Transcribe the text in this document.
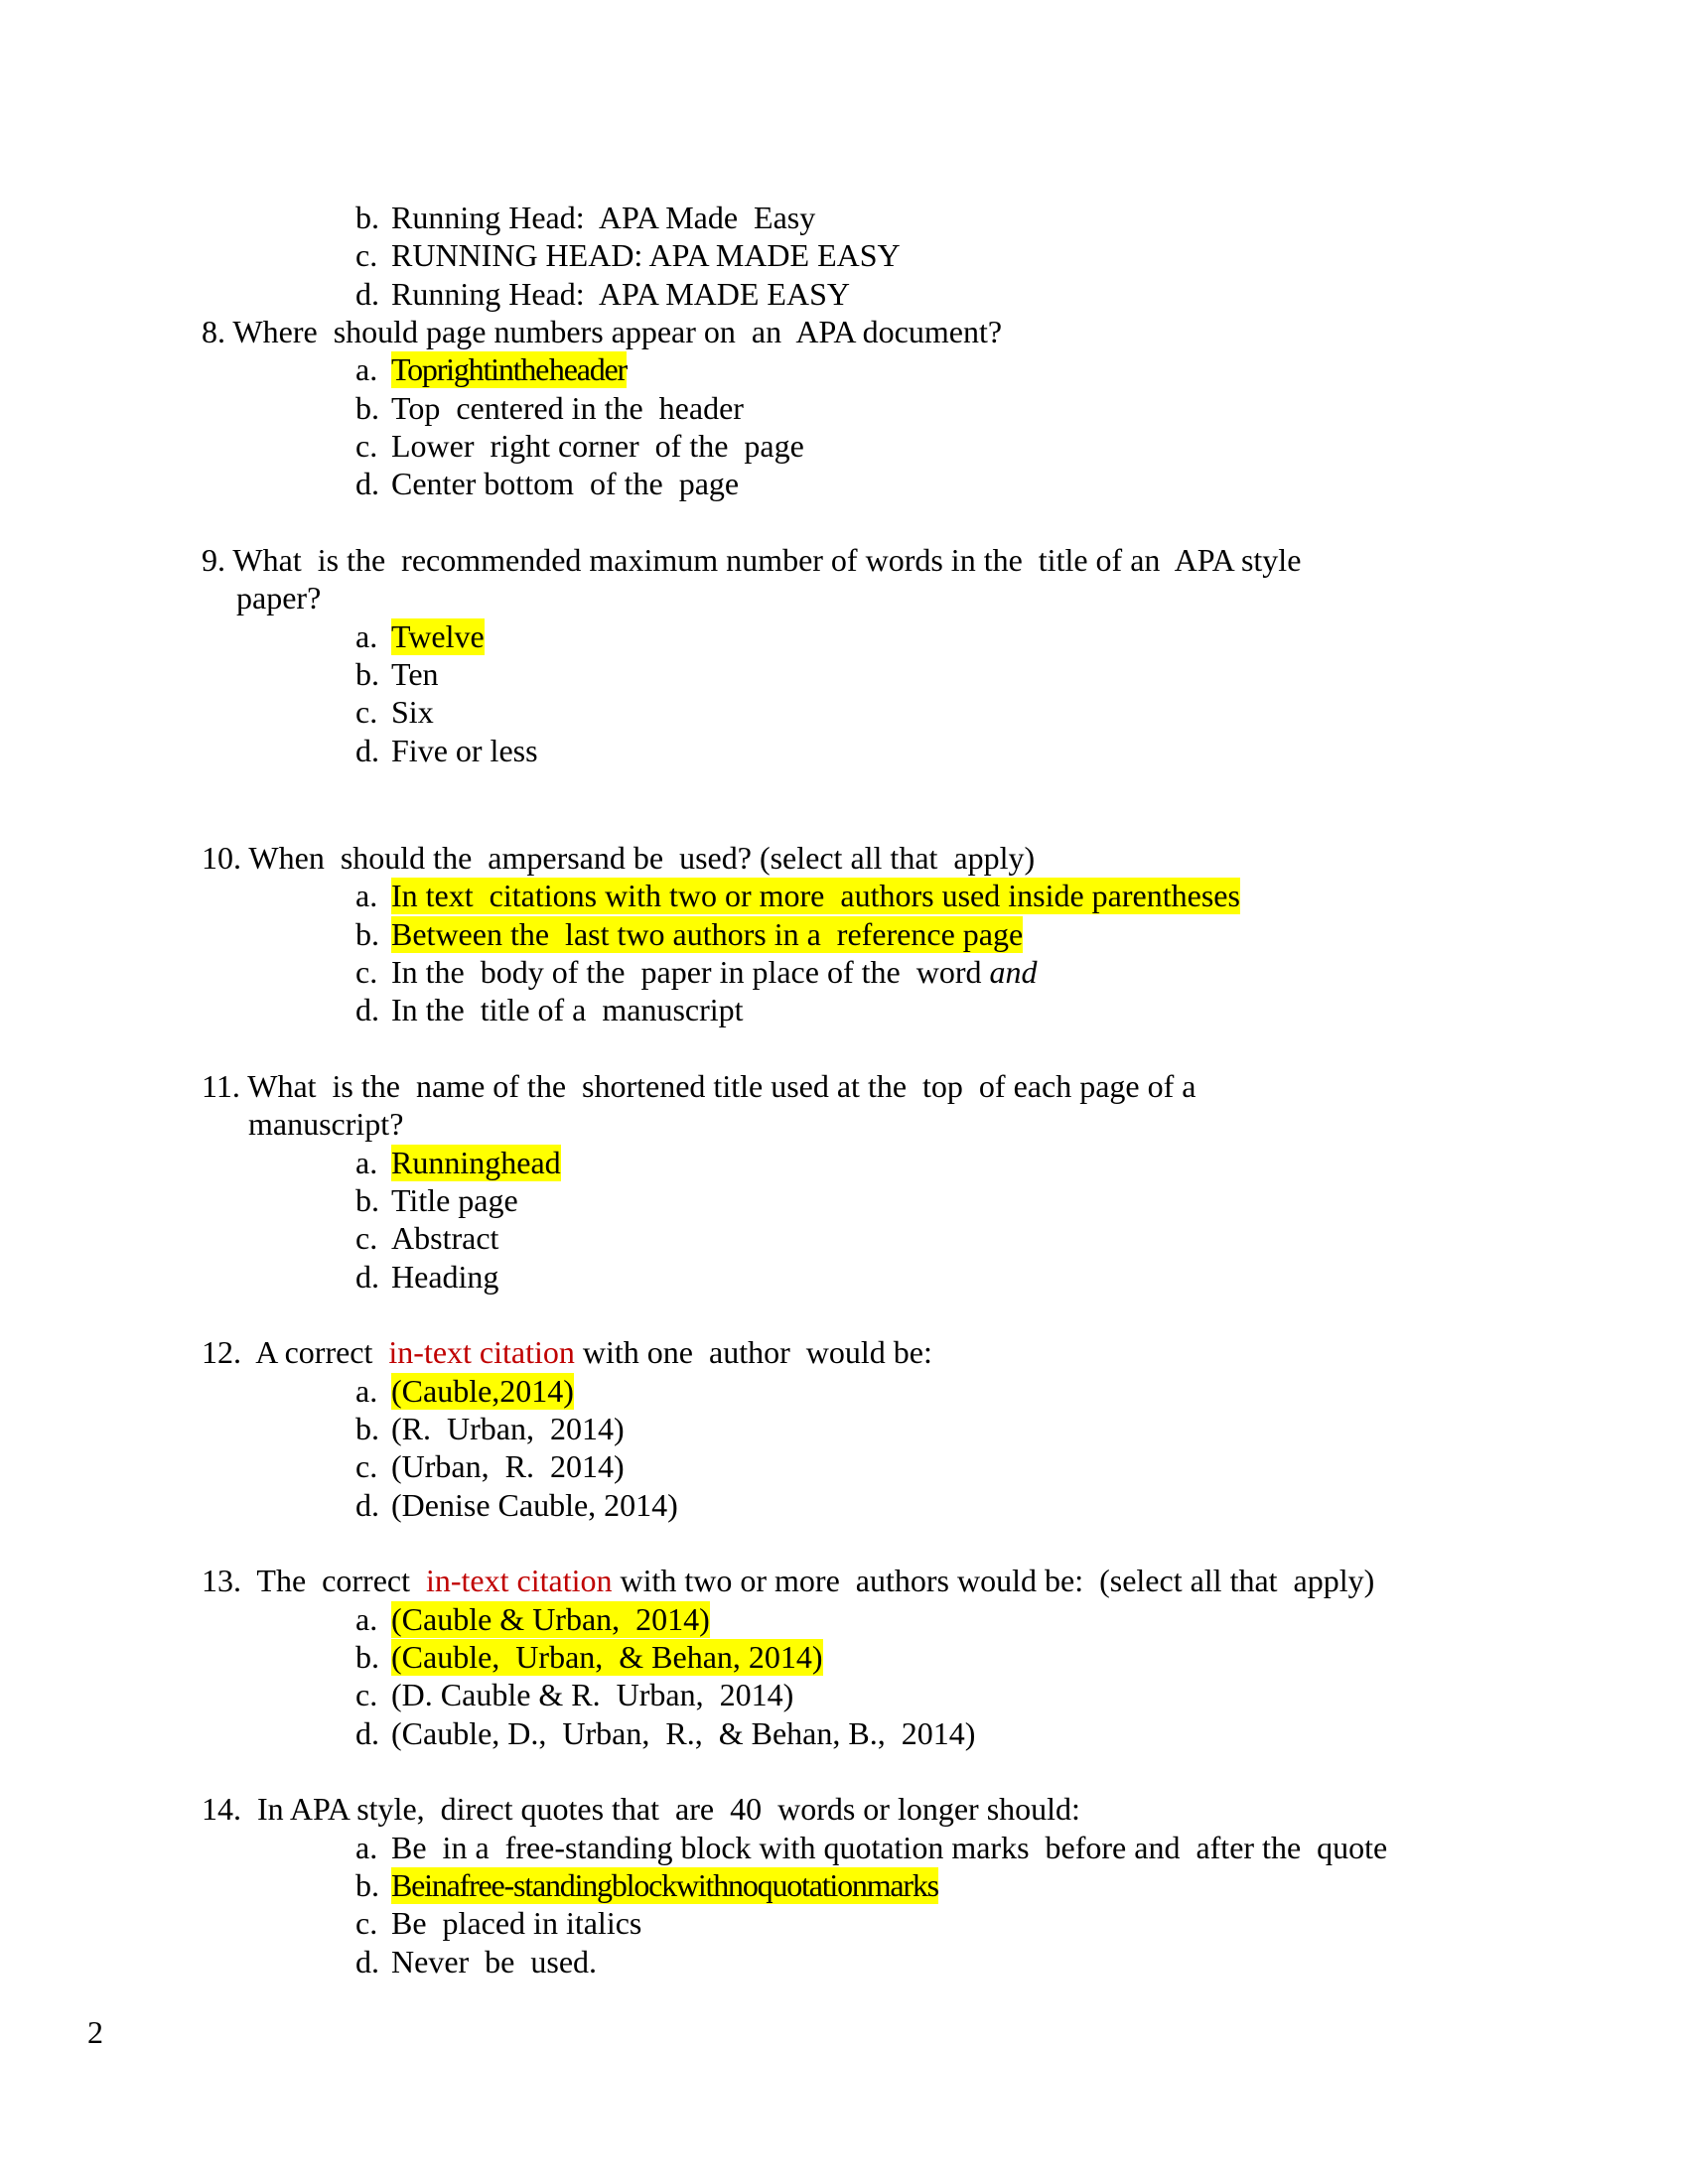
b. Running Head:  APA Made  Easy
c. RUNNING HEAD: APA MADE EASY
d. Running Head:  APA MADE EASY
8. Where  should page numbers appear on  an  APA document?
a. Toprightinthe header
b. Top  centered in the  header
c. Lower  right corner  of the  page
d. Center bottom  of the  page
9. What  is the  recommended maximum number of words in the  title of an  APA style
paper?
a. Twelve
b. Ten
c. Six
d. Five or less
10. When  should the  ampersand be  used? (select all that  apply)
a. In text  citations with two or more  authors used inside parentheses
b. Between the  last two authors in a  reference page
c. In the  body of the  paper in place of the  word and
d. In the  title of a  manuscript
11. What  is the  name of the  shortened title used at the  top  of each page of a
manuscript?
a. Runninghead
b. Title page
c. Abstract
d. Heading
12. A correct  in-text citation with one  author  would be:
a. (Cauble,2014)
b. (R.  Urban,  2014)
c. (Urban,  R.  2014)
d. (Denise Cauble, 2014)
13. The  correct  in-text citation with two or more  authors would be:  (select all that  apply)
a. (Cauble & Urban,  2014)
b. (Cauble,  Urban,  & Behan, 2014)
c. (D. Cauble & R.  Urban,  2014)
d. (Cauble, D.,  Urban,  R.,  & Behan, B.,  2014)
14. In APA style,  direct quotes that  are  40  words or longer should:
a. Be  in a  free-standing block with quotation marks  before and  after the  quote
b. Beinafree-standingblockwithnoquotationmarks
c. Be  placed in italics
d. Never  be  used.
2
